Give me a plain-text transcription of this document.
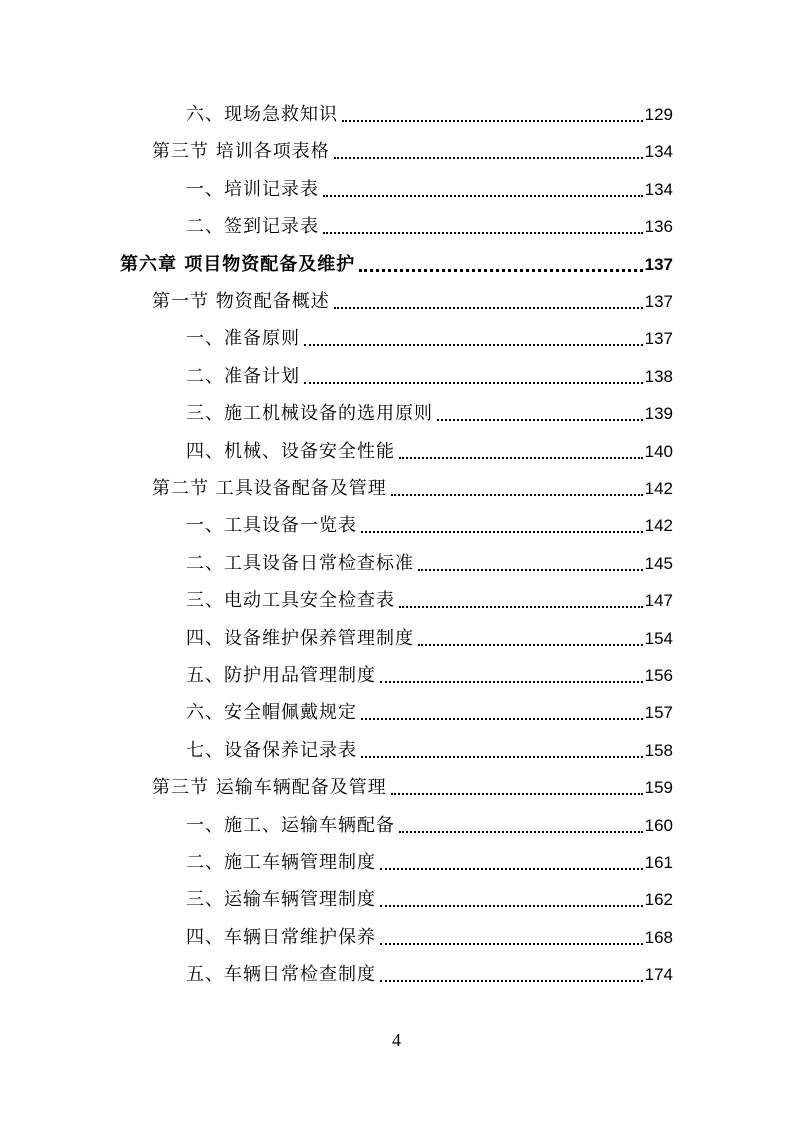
六、现场急救知识	129
第三节 培训各项表格	134
一、培训记录表	134
二、签到记录表	136
第六章 项目物资配备及维护	137
第一节 物资配备概述	137
一、准备原则	137
二、准备计划	138
三、施工机械设备的选用原则	139
四、机械、设备安全性能	140
第二节 工具设备配备及管理	142
一、工具设备一览表	142
二、工具设备日常检查标准	145
三、电动工具安全检查表	147
四、设备维护保养管理制度	154
五、防护用品管理制度	156
六、安全帽佩戴规定	157
七、设备保养记录表	158
第三节 运输车辆配备及管理	159
一、施工、运输车辆配备	160
二、施工车辆管理制度	161
三、运输车辆管理制度	162
四、车辆日常维护保养	168
五、车辆日常检查制度	174
4
